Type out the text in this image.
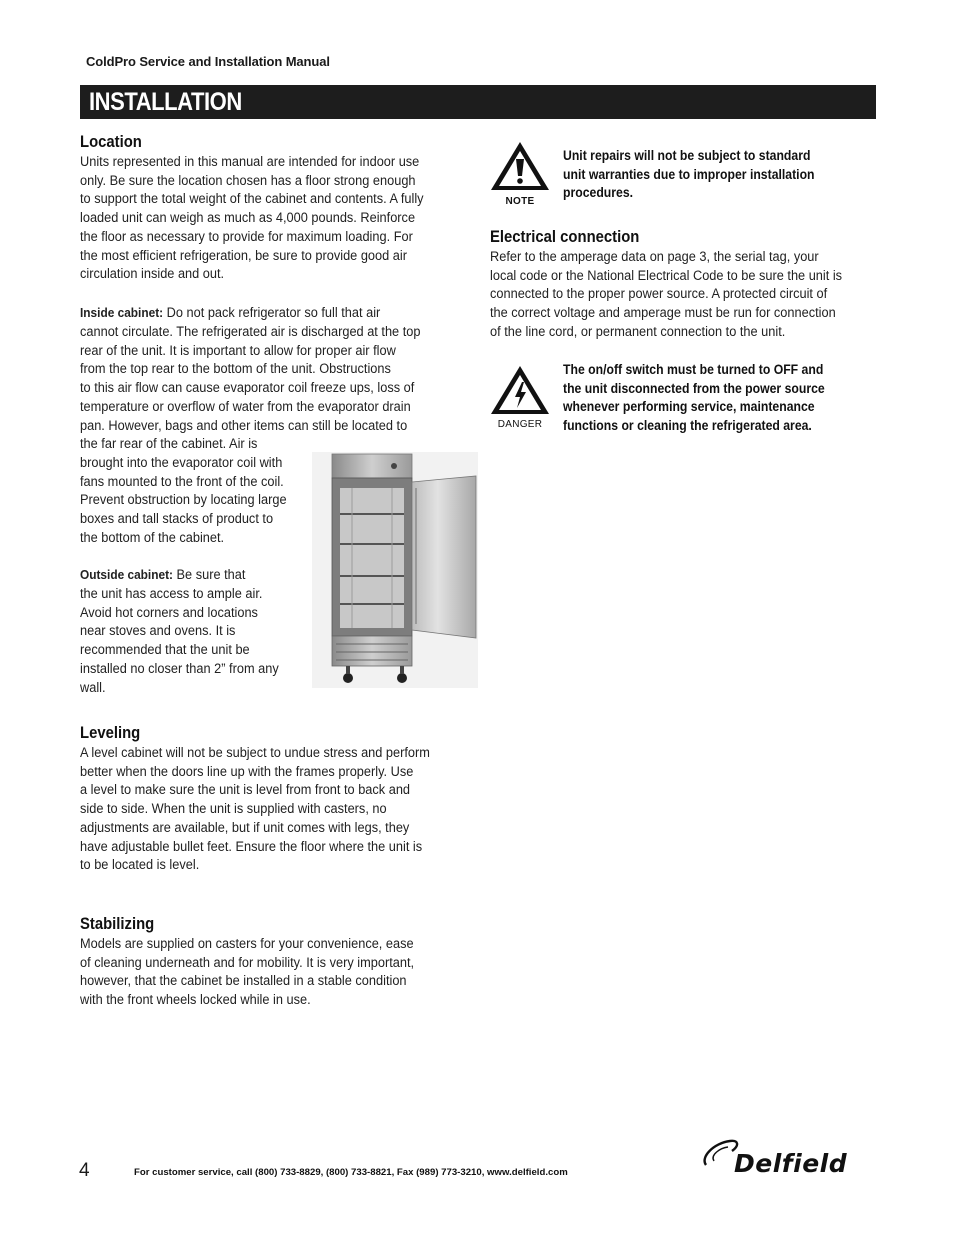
ColdPro Service and Installation Manual
INSTALLATION
Location
Units represented in this manual are intended for indoor use
only. Be sure the location chosen has a floor strong enough
to support the total weight of the cabinet and contents. A fully
loaded unit can weigh as much as 4,000 pounds. Reinforce
the floor as necessary to provide for maximum loading. For
the most efficient refrigeration, be sure to provide good air
circulation inside and out.
Inside cabinet: Do not pack refrigerator so full that air
cannot circulate. The refrigerated air is discharged at the top
rear of the unit. It is important to allow for proper air flow
from the top rear to the bottom of the unit. Obstructions
to this air flow can cause evaporator coil freeze ups, loss of
temperature or overflow of water from the evaporator drain
pan. However, bags and other items can still be located to
the far rear of the cabinet. Air is
brought into the evaporator coil with
fans mounted to the front of the coil.
Prevent obstruction by locating large
boxes and tall stacks of product to
the bottom of the cabinet.
Outside cabinet: Be sure that
the unit has access to ample air.
Avoid hot corners and locations
near stoves and ovens. It is
recommended that the unit be
installed no closer than 2” from any
wall.
Leveling
A level cabinet will not be subject to undue stress and perform
better when the doors line up with the frames properly. Use
a level to make sure the unit is level from front to back and
side to side. When the unit is supplied with casters, no
adjustments are available, but if unit comes with legs, they
have adjustable bullet feet. Ensure the floor where the unit is
to be located is level.
Stabilizing
Models are supplied on casters for your convenience, ease
of cleaning underneath and for mobility. It is very important,
however, that the cabinet be installed in a stable condition
with the front wheels locked while in use.
NOTE
Unit repairs will not be subject to standard
unit warranties due to improper installation
procedures.
Electrical connection
Refer to the amperage data on page 3, the serial tag, your
local code or the National Electrical Code to be sure the unit is
connected to the proper power source. A protected circuit of
the correct voltage and amperage must be run for connection
of the line cord, or permanent connection to the unit.
DANGER
The on/off switch must be turned to OFF and
the unit disconnected from the power source
whenever performing service, maintenance
functions or cleaning the refrigerated area.
4	For customer service, call (800) 733-8829, (800) 733-8821, Fax (989) 773-3210, www.delfield.com	Delfield
